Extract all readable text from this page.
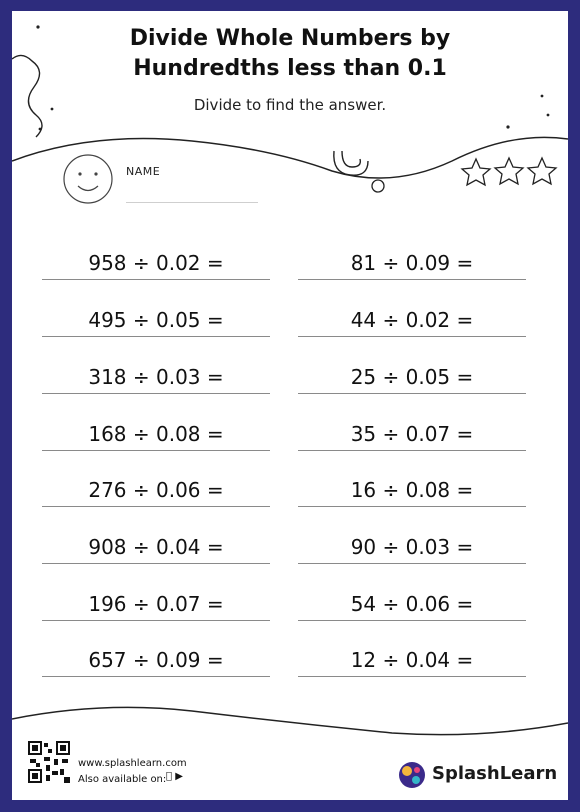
Divide Whole Numbers by
Hundredths less than 0.1
Divide to find the answer.
NAME
958 ÷ 0.02 =
495 ÷ 0.05 =
318 ÷ 0.03 =
168 ÷ 0.08 =
276 ÷ 0.06 =
908 ÷ 0.04 =
196 ÷ 0.07 =
657 ÷ 0.09 =
81 ÷ 0.09 =
44 ÷ 0.02 =
25 ÷ 0.05 =
35 ÷ 0.07 =
16 ÷ 0.08 =
90 ÷ 0.03 =
54 ÷ 0.06 =
12 ÷ 0.04 =
www.splashlearn.com
Also available on: ▶	SplashLearn
